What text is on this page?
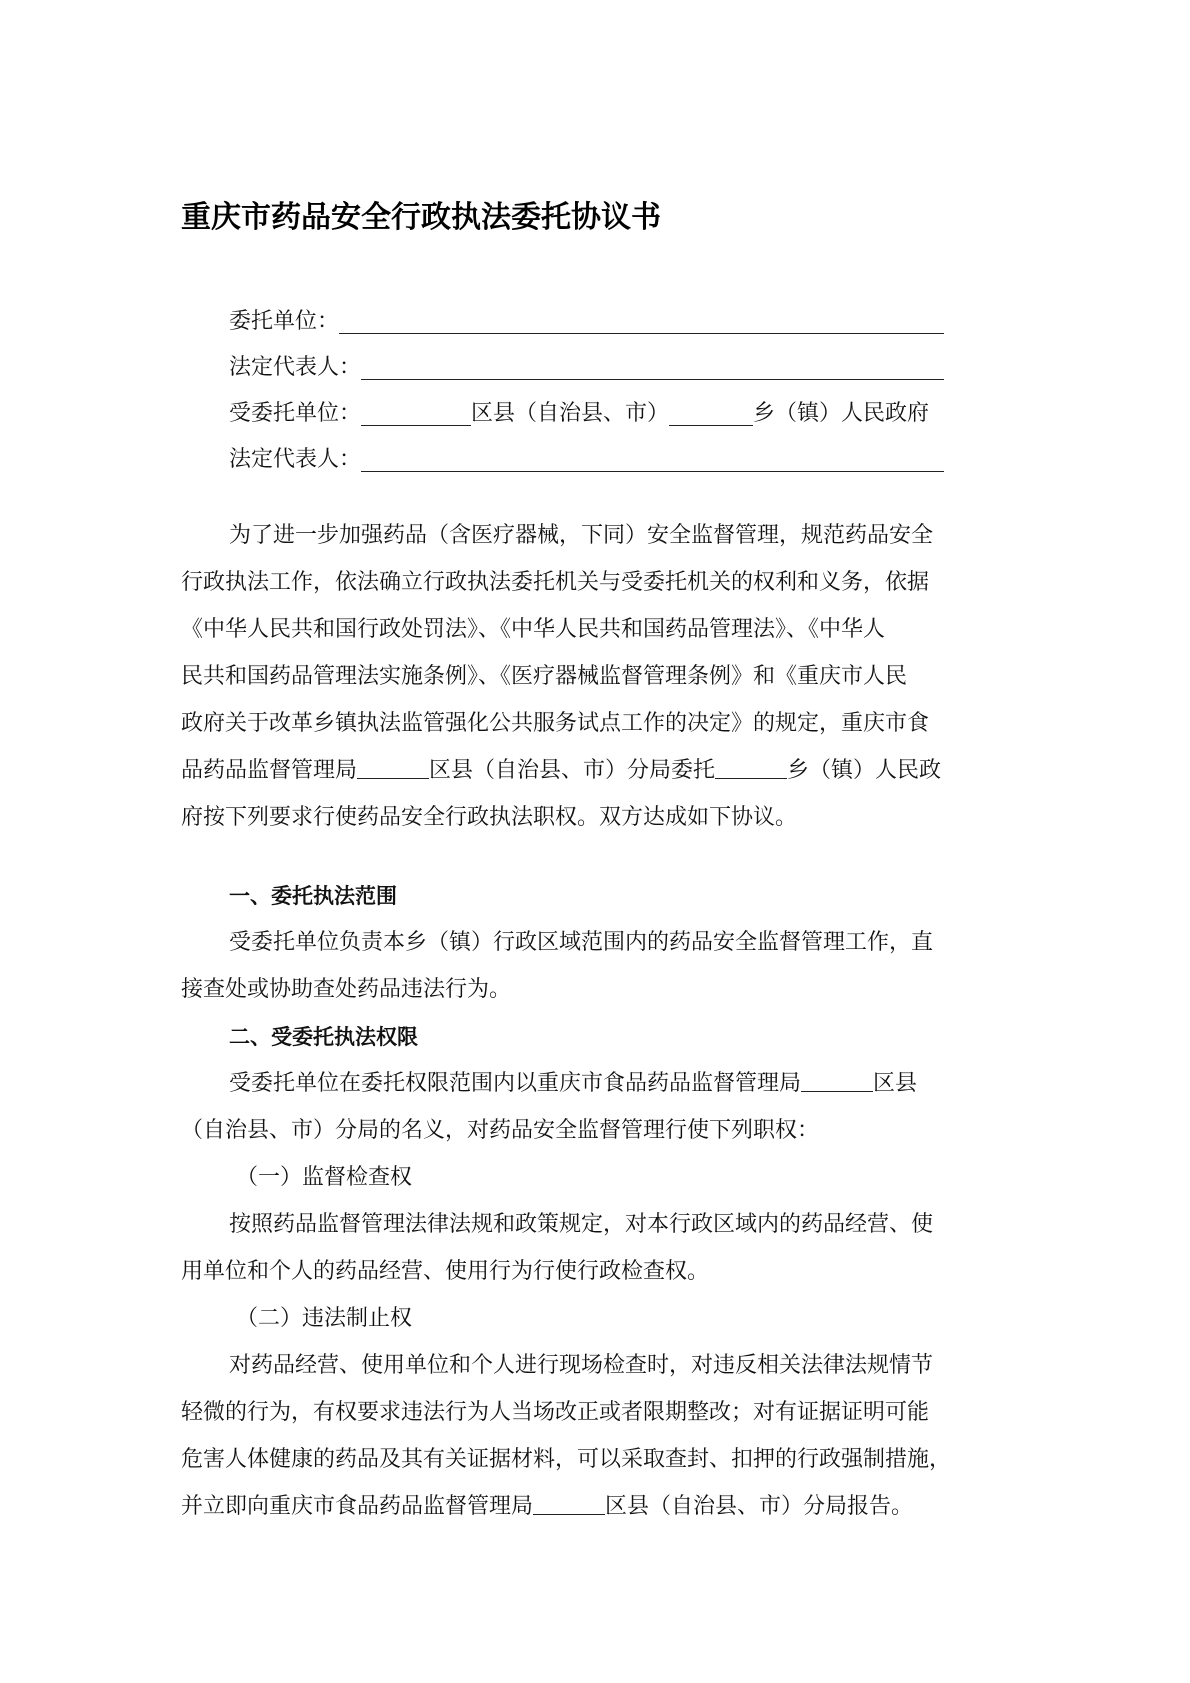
重庆市药品安全行政执法委托协议书
委托单位：
法定代表人：
受委托单位：	区县（自治县、市）	乡（镇）人民政府
法定代表人：
为了进一步加强药品（含医疗器械，下同）安全监督管理，规范药品安全
行政执法工作，依法确立行政执法委托机关与受委托机关的权利和义务，依据
《中华人民共和国行政处罚法》、《中华人民共和国药品管理法》、《中华人
民共和国药品管理法实施条例》、《医疗器械监督管理条例》和《重庆市人民
政府关于改革乡镇执法监管强化公共服务试点工作的决定》的规定，重庆市食
品药品监督管理局	区县（自治县、市）分局委托	乡（镇）人民政
府按下列要求行使药品安全行政执法职权。双方达成如下协议。
一、委托执法范围
受委托单位负责本乡（镇）行政区域范围内的药品安全监督管理工作，直
接查处或协助查处药品违法行为。
二、受委托执法权限
受委托单位在委托权限范围内以重庆市食品药品监督管理局	区县
（自治县、市）分局的名义，对药品安全监督管理行使下列职权：
（一）监督检查权
按照药品监督管理法律法规和政策规定，对本行政区域内的药品经营、使
用单位和个人的药品经营、使用行为行使行政检查权。
（二）违法制止权
对药品经营、使用单位和个人进行现场检查时，对违反相关法律法规情节
轻微的行为，有权要求违法行为人当场改正或者限期整改；对有证据证明可能
危害人体健康的药品及其有关证据材料，可以采取查封、扣押的行政强制措施，
并立即向重庆市食品药品监督管理局	区县（自治县、市）分局报告。
